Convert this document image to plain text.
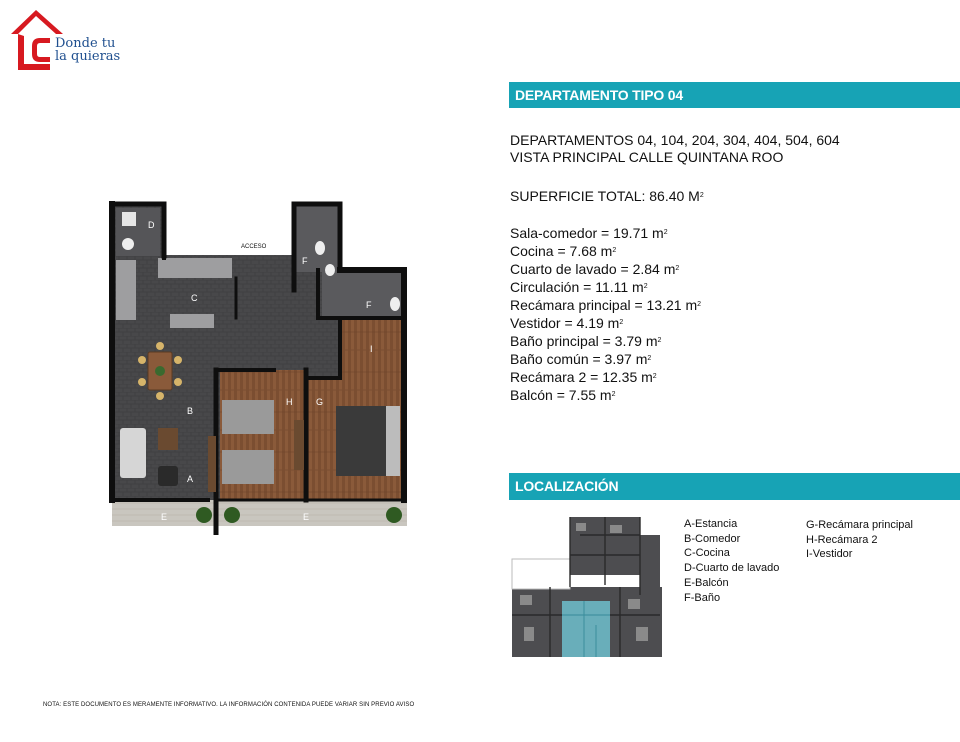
Donde tu
la quieras
DEPARTAMENTO TIPO 04
DEPARTAMENTOS 04, 104, 204, 304, 404, 504, 604
VISTA PRINCIPAL CALLE QUINTANA ROO
SUPERFICIE TOTAL: 86.40 $M^2$
Sala-comedor = 19.71 $m^2$
Cocina = 7.68 $m^2$
Cuarto de lavado = 2.84 $m^2$
Circulación = 11.11 $m^2$
Recámara principal = 13.21 $m^2$
Vestidor = 4.19 $m^2$
Baño principal = 3.79 $m^2$
Baño común = 3.97 $m^2$
Recámara 2 = 12.35 $m^2$
Balcón = 7.55 $m^2$
LOCALIZACIÓN
A-Estancia
B-Comedor
C-Cocina
D-Cuarto de lavado
E-Balcón
F-Baño
G-Recámara principal
H-Recámara 2
I-Vestidor
D
C
B
A
F
F
I
H	G
E	E
ACCESO
NOTA: ESTE DOCUMENTO ES MERAMENTE INFORMATIVO. LA INFORMACIÓN CONTENIDA PUEDE VARIAR SIN PREVIO AVISO
